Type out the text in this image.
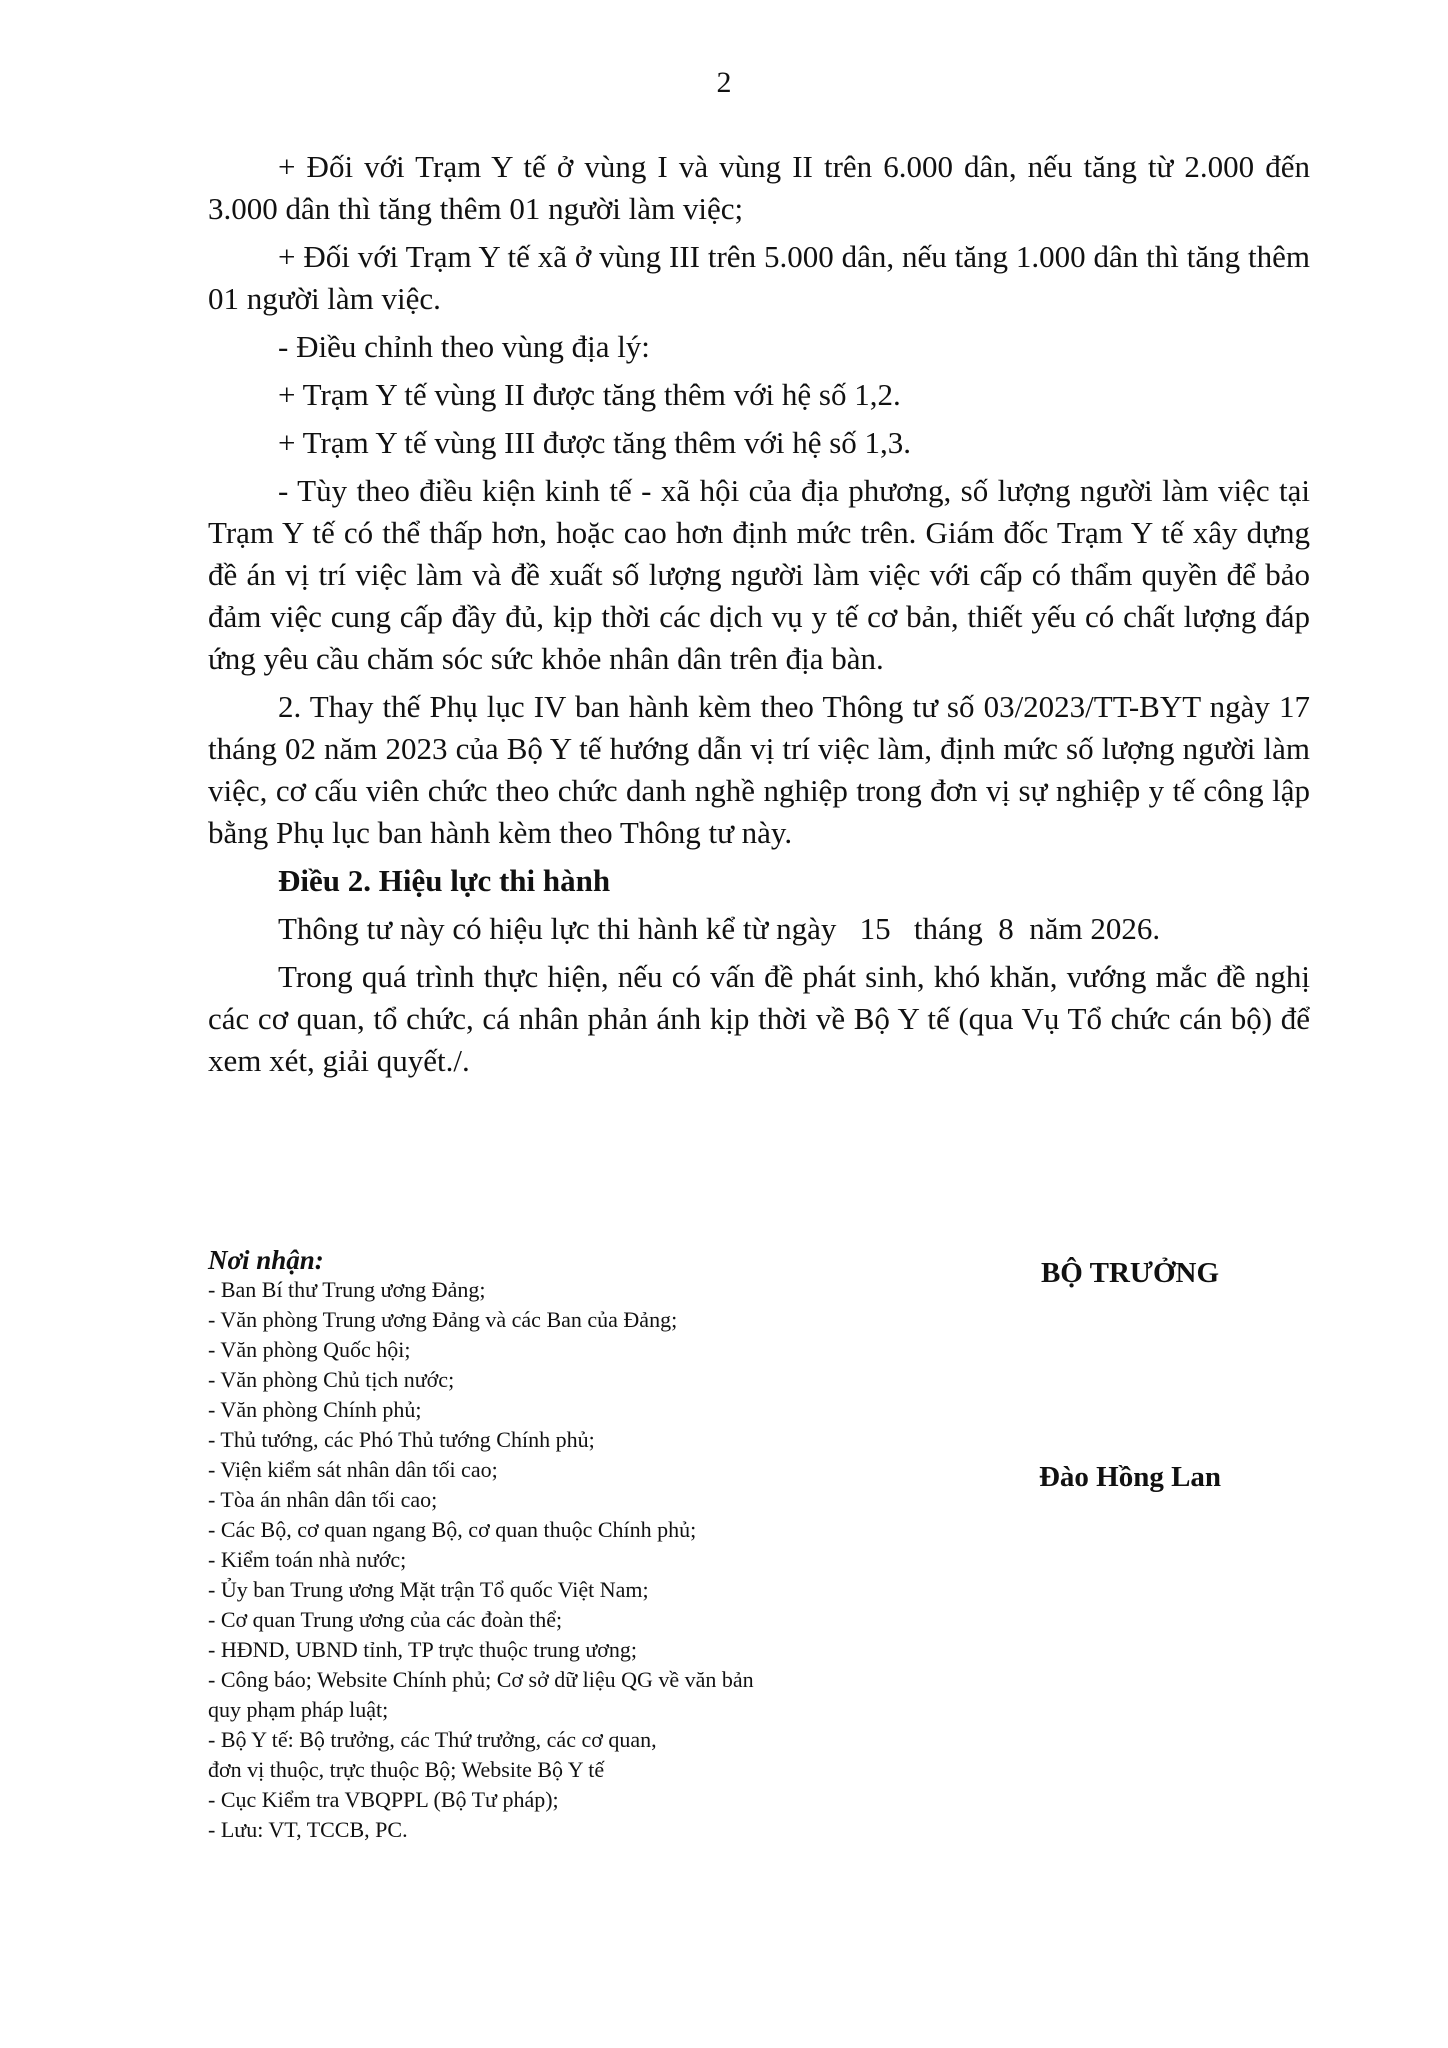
2

+ Đối với Trạm Y tế ở vùng I và vùng II trên 6.000 dân, nếu tăng từ 2.000 đến 3.000 dân thì tăng thêm 01 người làm việc;

+ Đối với Trạm Y tế xã ở vùng III trên 5.000 dân, nếu tăng 1.000 dân thì tăng thêm 01 người làm việc.

- Điều chỉnh theo vùng địa lý:

+ Trạm Y tế vùng II được tăng thêm với hệ số 1,2.

+ Trạm Y tế vùng III được tăng thêm với hệ số 1,3.

- Tùy theo điều kiện kinh tế - xã hội của địa phương, số lượng người làm việc tại Trạm Y tế có thể thấp hơn, hoặc cao hơn định mức trên. Giám đốc Trạm Y tế xây dựng đề án vị trí việc làm và đề xuất số lượng người làm việc với cấp có thẩm quyền để bảo đảm việc cung cấp đầy đủ, kịp thời các dịch vụ y tế cơ bản, thiết yếu có chất lượng đáp ứng yêu cầu chăm sóc sức khỏe nhân dân trên địa bàn.

2. Thay thế Phụ lục IV ban hành kèm theo Thông tư số 03/2023/TT-BYT ngày 17 tháng 02 năm 2023 của Bộ Y tế hướng dẫn vị trí việc làm, định mức số lượng người làm việc, cơ cấu viên chức theo chức danh nghề nghiệp trong đơn vị sự nghiệp y tế công lập bằng Phụ lục ban hành kèm theo Thông tư này.

Điều 2. Hiệu lực thi hành

Thông tư này có hiệu lực thi hành kể từ ngày   15   tháng  8  năm 2026.

Trong quá trình thực hiện, nếu có vấn đề phát sinh, khó khăn, vướng mắc đề nghị các cơ quan, tổ chức, cá nhân phản ánh kịp thời về Bộ Y tế (qua Vụ Tổ chức cán bộ) để xem xét, giải quyết./.

Nơi nhận:
- Ban Bí thư Trung ương Đảng;
- Văn phòng Trung ương Đảng và các Ban của Đảng;
- Văn phòng Quốc hội;
- Văn phòng Chủ tịch nước;
- Văn phòng Chính phủ;
- Thủ tướng, các Phó Thủ tướng Chính phủ;
- Viện kiểm sát nhân dân tối cao;
- Tòa án nhân dân tối cao;
- Các Bộ, cơ quan ngang Bộ, cơ quan thuộc Chính phủ;
- Kiểm toán nhà nước;
- Ủy ban Trung ương Mặt trận Tổ quốc Việt Nam;
- Cơ quan Trung ương của các đoàn thể;
- HĐND, UBND tỉnh, TP trực thuộc trung ương;
- Công báo; Website Chính phủ; Cơ sở dữ liệu QG về văn bản
quy phạm pháp luật;
- Bộ Y tế: Bộ trưởng, các Thứ trưởng, các cơ quan,
đơn vị thuộc, trực thuộc Bộ; Website Bộ Y tế
- Cục Kiểm tra VBQPPL (Bộ Tư pháp);
- Lưu: VT, TCCB, PC.
BỘ TRƯỞNG
Đào Hồng Lan
